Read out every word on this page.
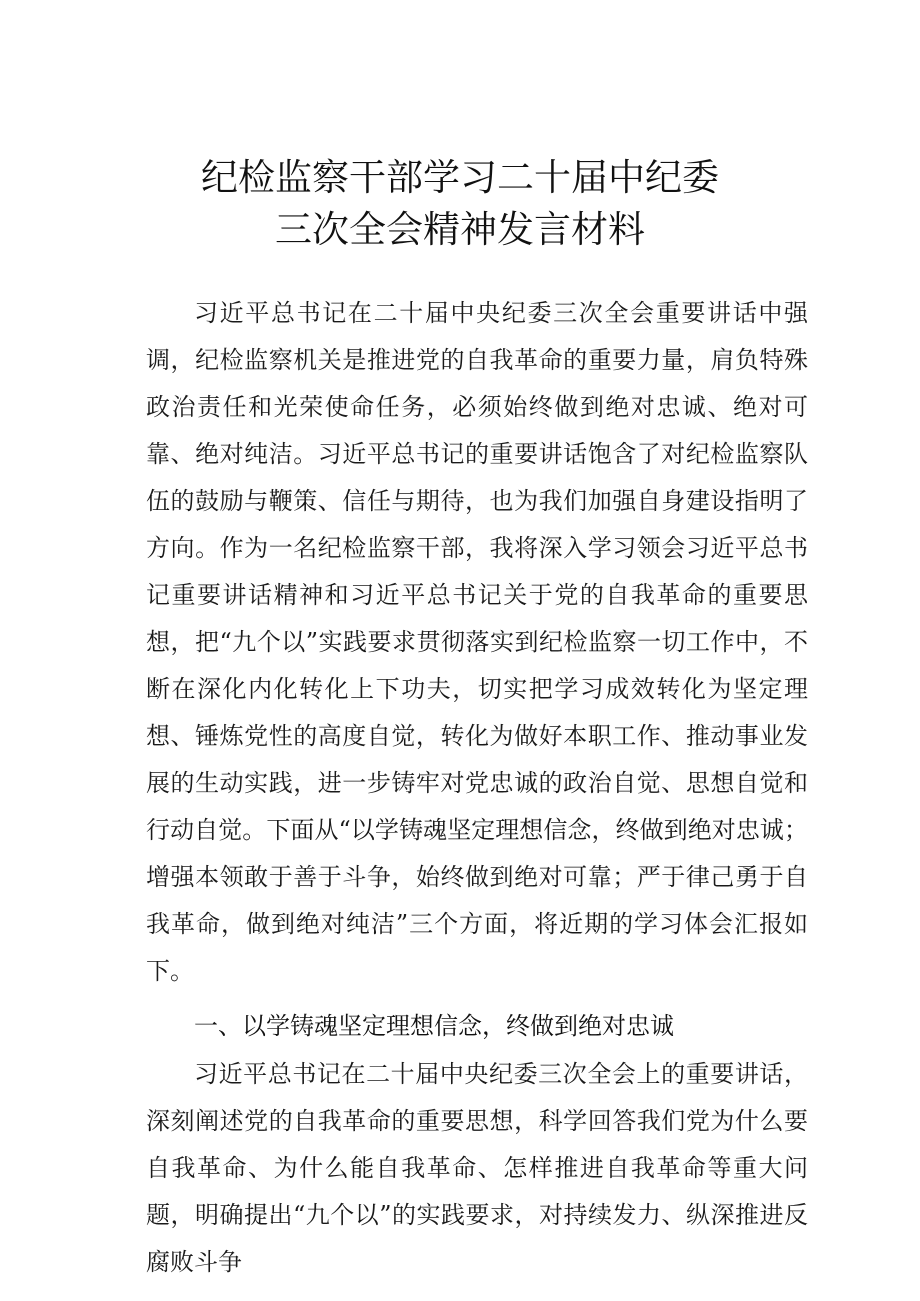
纪检监察干部学习二十届中纪委
三次全会精神发言材料

习近平总书记在二十届中央纪委三次全会重要讲话中强调，纪检监察机关是推进党的自我革命的重要力量，肩负特殊政治责任和光荣使命任务，必须始终做到绝对忠诚、绝对可靠、绝对纯洁。习近平总书记的重要讲话饱含了对纪检监察队伍的鼓励与鞭策、信任与期待，也为我们加强自身建设指明了方向。作为一名纪检监察干部，我将深入学习领会习近平总书记重要讲话精神和习近平总书记关于党的自我革命的重要思想，把“九个以”实践要求贯彻落实到纪检监察一切工作中，不断在深化内化转化上下功夫，切实把学习成效转化为坚定理想、锤炼党性的高度自觉，转化为做好本职工作、推动事业发展的生动实践，进一步铸牢对党忠诚的政治自觉、思想自觉和行动自觉。下面从“以学铸魂坚定理想信念，终做到绝对忠诚；增强本领敢于善于斗争，始终做到绝对可靠；严于律己勇于自我革命，做到绝对纯洁”三个方面，将近期的学习体会汇报如下。

一、以学铸魂坚定理想信念，终做到绝对忠诚

习近平总书记在二十届中央纪委三次全会上的重要讲话，深刻阐述党的自我革命的重要思想，科学回答我们党为什么要自我革命、为什么能自我革命、怎样推进自我革命等重大问题，明确提出“九个以”的实践要求，对持续发力、纵深推进反腐败斗争
